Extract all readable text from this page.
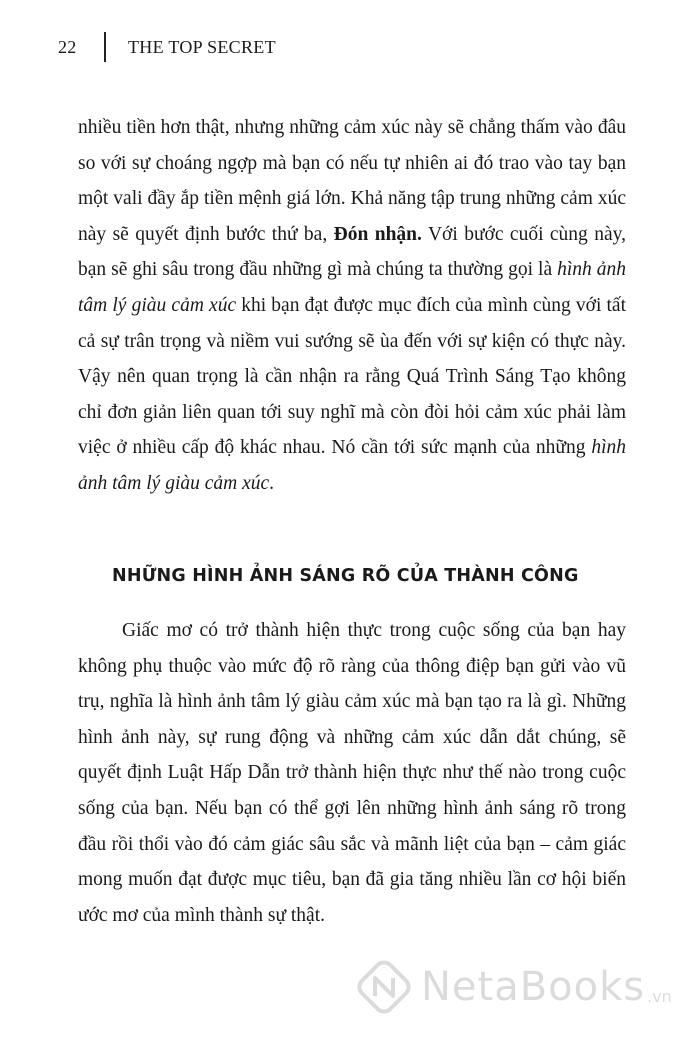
22	THE TOP SECRET

nhiều tiền hơn thật, nhưng những cảm xúc này sẽ chẳng thấm vào đâu so với sự choáng ngợp mà bạn có nếu tự nhiên ai đó trao vào tay bạn một vali đầy ắp tiền mệnh giá lớn. Khả năng tập trung những cảm xúc này sẽ quyết định bước thứ ba, Đón nhận. Với bước cuối cùng này, bạn sẽ ghi sâu trong đầu những gì mà chúng ta thường gọi là hình ảnh tâm lý giàu cảm xúc khi bạn đạt được mục đích của mình cùng với tất cả sự trân trọng và niềm vui sướng sẽ ùa đến với sự kiện có thực này. Vậy nên quan trọng là cần nhận ra rằng Quá Trình Sáng Tạo không chỉ đơn giản liên quan tới suy nghĩ mà còn đòi hỏi cảm xúc phải làm việc ở nhiều cấp độ khác nhau. Nó cần tới sức mạnh của những hình ảnh tâm lý giàu cảm xúc.

NHỮNG HÌNH ẢNH SÁNG RÕ CỦA THÀNH CÔNG

Giấc mơ có trở thành hiện thực trong cuộc sống của bạn hay không phụ thuộc vào mức độ rõ ràng của thông điệp bạn gửi vào vũ trụ, nghĩa là hình ảnh tâm lý giàu cảm xúc mà bạn tạo ra là gì. Những hình ảnh này, sự rung động và những cảm xúc dẫn dắt chúng, sẽ quyết định Luật Hấp Dẫn trở thành hiện thực như thế nào trong cuộc sống của bạn. Nếu bạn có thể gợi lên những hình ảnh sáng rõ trong đầu rồi thổi vào đó cảm giác sâu sắc và mãnh liệt của bạn – cảm giác mong muốn đạt được mục tiêu, bạn đã gia tăng nhiều lần cơ hội biến ước mơ của mình thành sự thật.

NetaBooks .vn
